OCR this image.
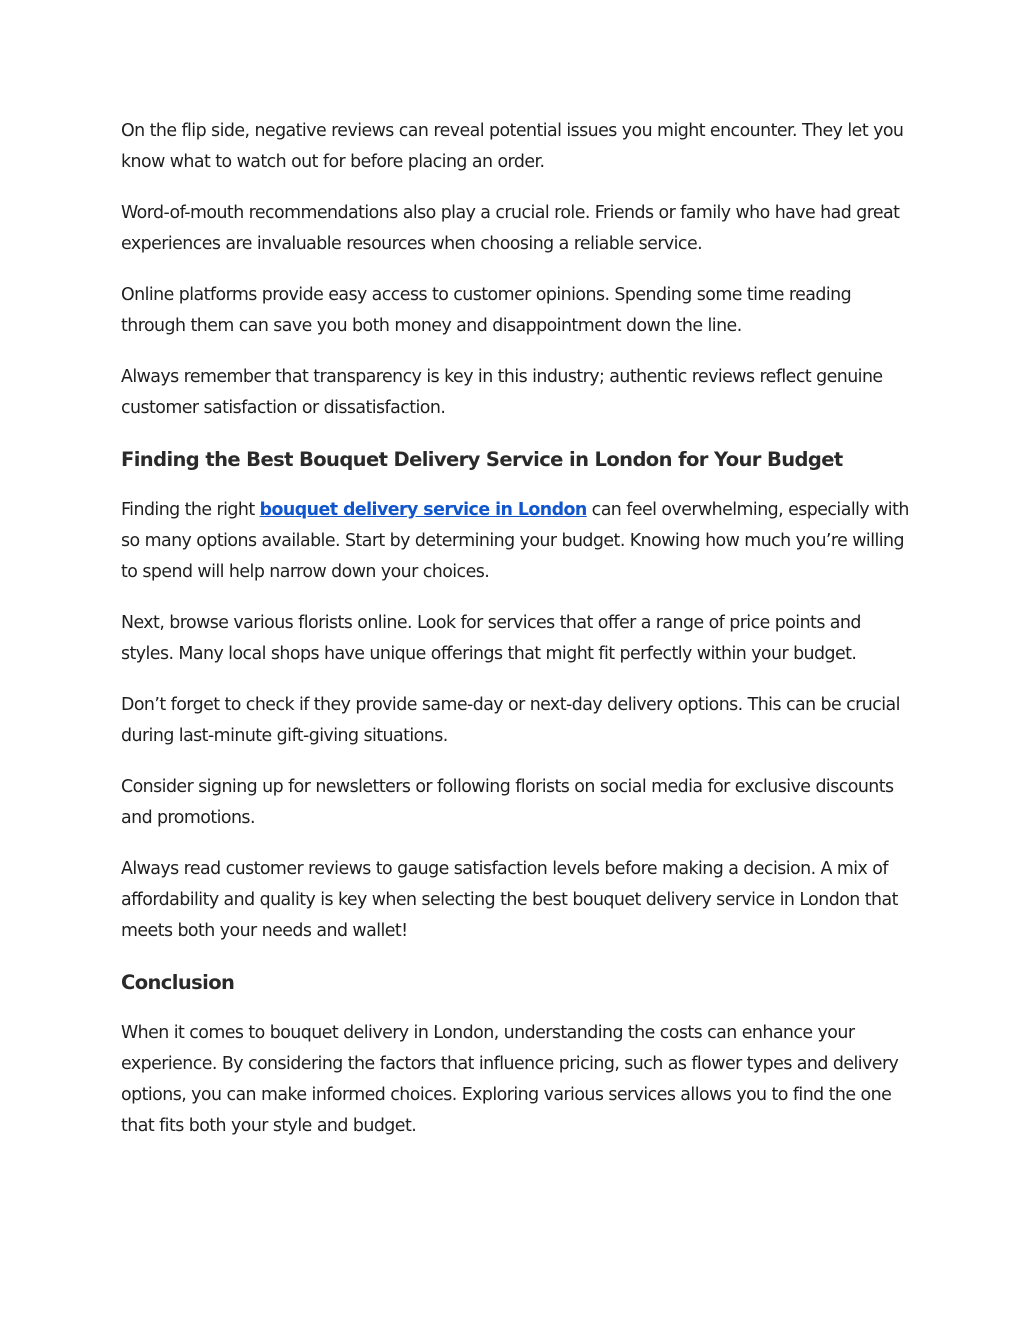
On the flip side, negative reviews can reveal potential issues you might encounter. They let you know what to watch out for before placing an order.

Word-of-mouth recommendations also play a crucial role. Friends or family who have had great experiences are invaluable resources when choosing a reliable service.

Online platforms provide easy access to customer opinions. Spending some time reading through them can save you both money and disappointment down the line.

Always remember that transparency is key in this industry; authentic reviews reflect genuine customer satisfaction or dissatisfaction.

Finding the Best Bouquet Delivery Service in London for Your Budget

Finding the right bouquet delivery service in London can feel overwhelming, especially with so many options available. Start by determining your budget. Knowing how much you’re willing to spend will help narrow down your choices.

Next, browse various florists online. Look for services that offer a range of price points and styles. Many local shops have unique offerings that might fit perfectly within your budget.

Don’t forget to check if they provide same-day or next-day delivery options. This can be crucial during last-minute gift-giving situations.

Consider signing up for newsletters or following florists on social media for exclusive discounts and promotions.

Always read customer reviews to gauge satisfaction levels before making a decision. A mix of affordability and quality is key when selecting the best bouquet delivery service in London that meets both your needs and wallet!

Conclusion

When it comes to bouquet delivery in London, understanding the costs can enhance your experience. By considering the factors that influence pricing, such as flower types and delivery options, you can make informed choices. Exploring various services allows you to find the one that fits both your style and budget.
